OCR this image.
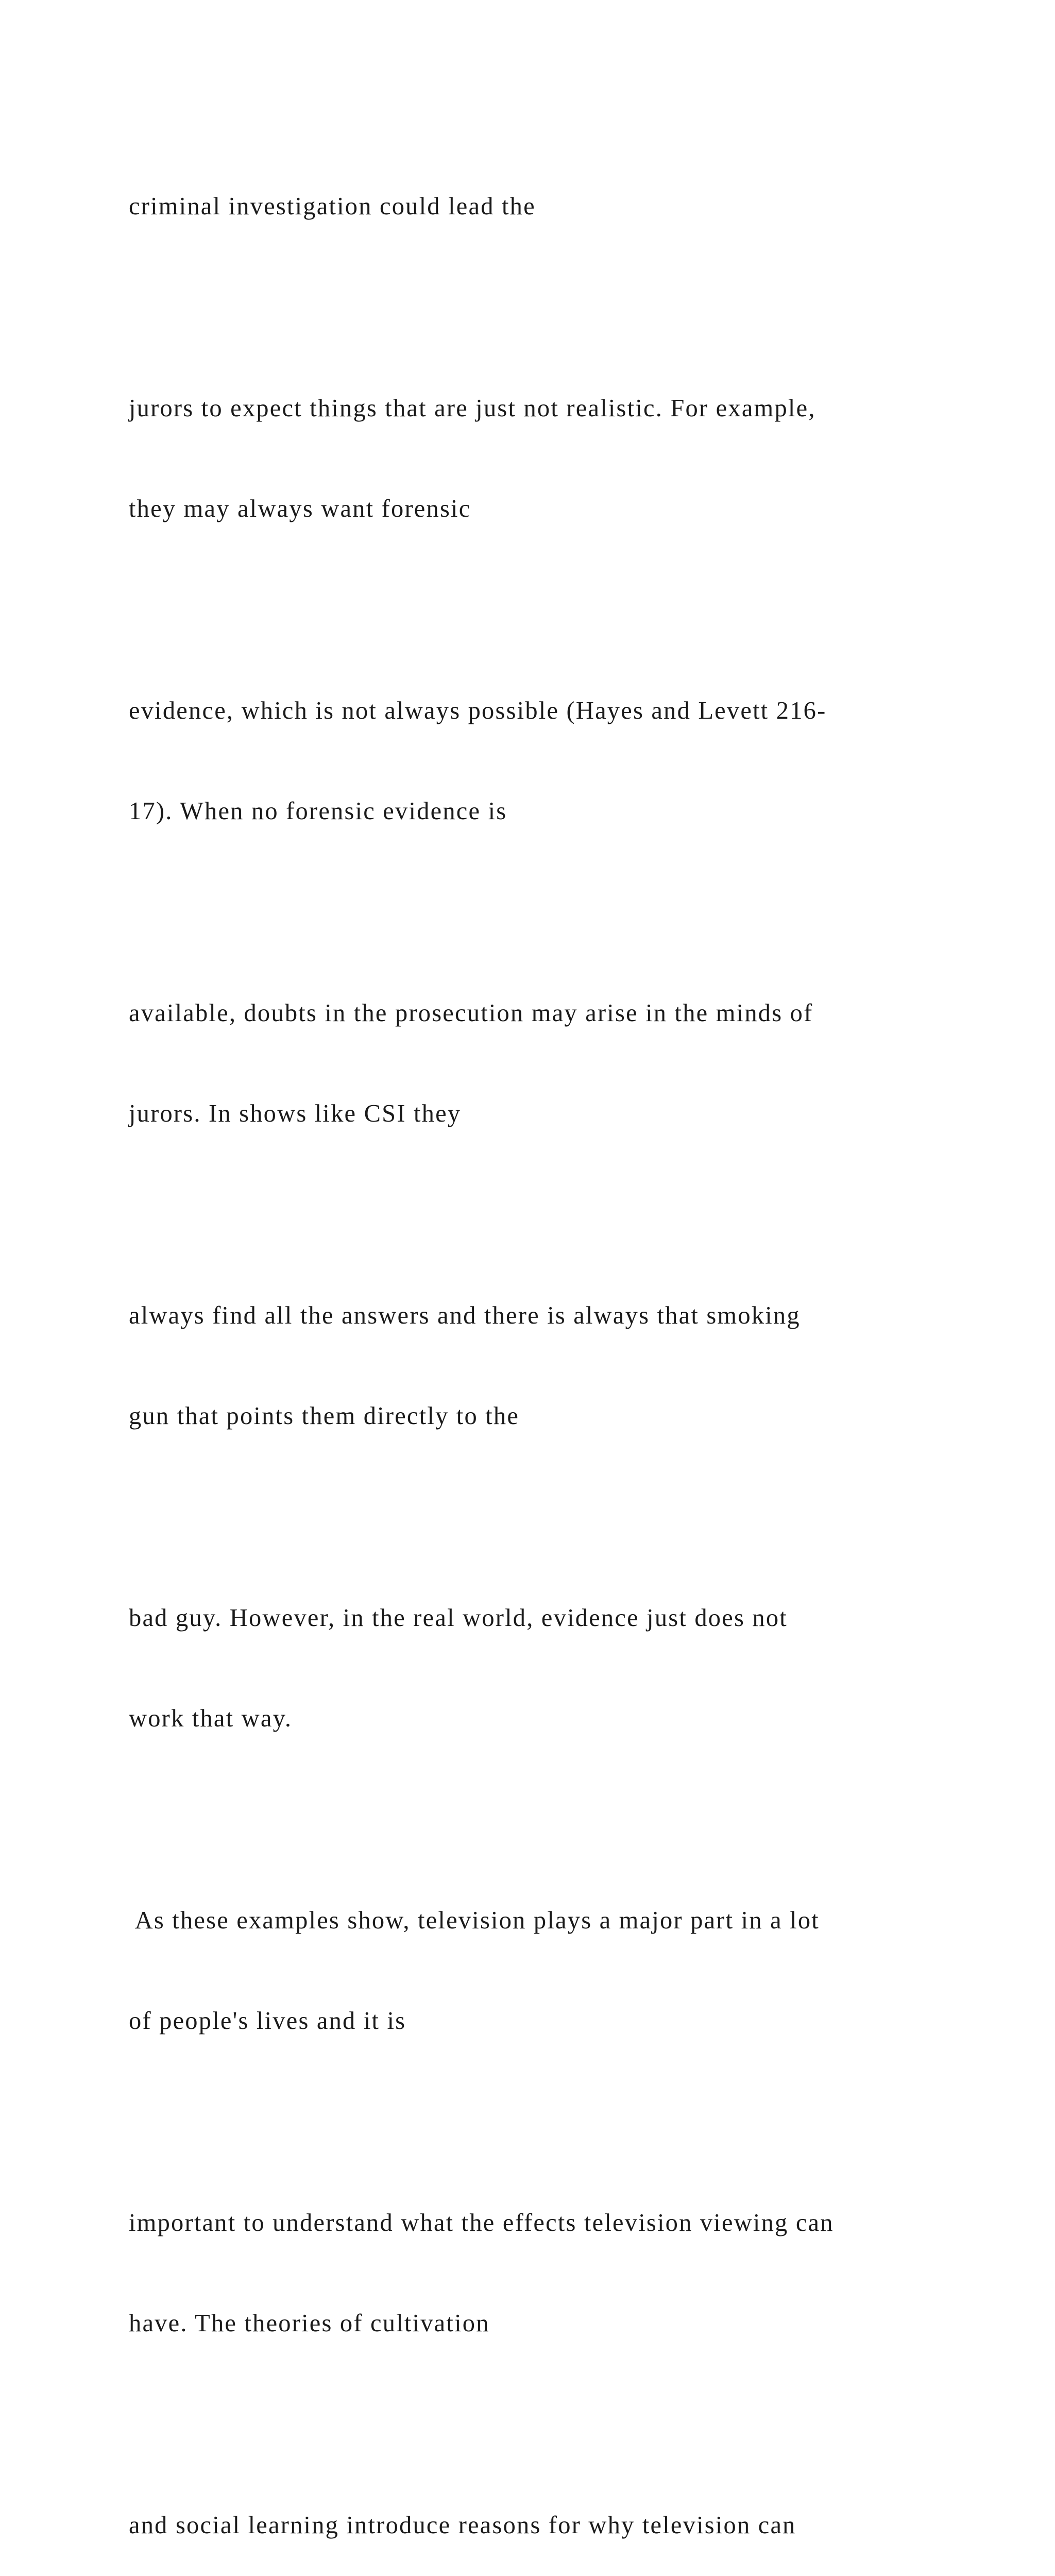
criminal investigation could lead the

jurors to expect things that are just not realistic. For example,

they may always want forensic

evidence, which is not always possible (Hayes and Levett 216-

17). When no forensic evidence is

available, doubts in the prosecution may arise in the minds of

jurors. In shows like CSI they

always find all the answers and there is always that smoking

gun that points them directly to the

bad guy. However, in the real world, evidence just does not

work that way.

As these examples show, television plays a major part in a lot

of people's lives and it is

important to understand what the effects television viewing can

have. The theories of cultivation

and social learning introduce reasons for why television can
